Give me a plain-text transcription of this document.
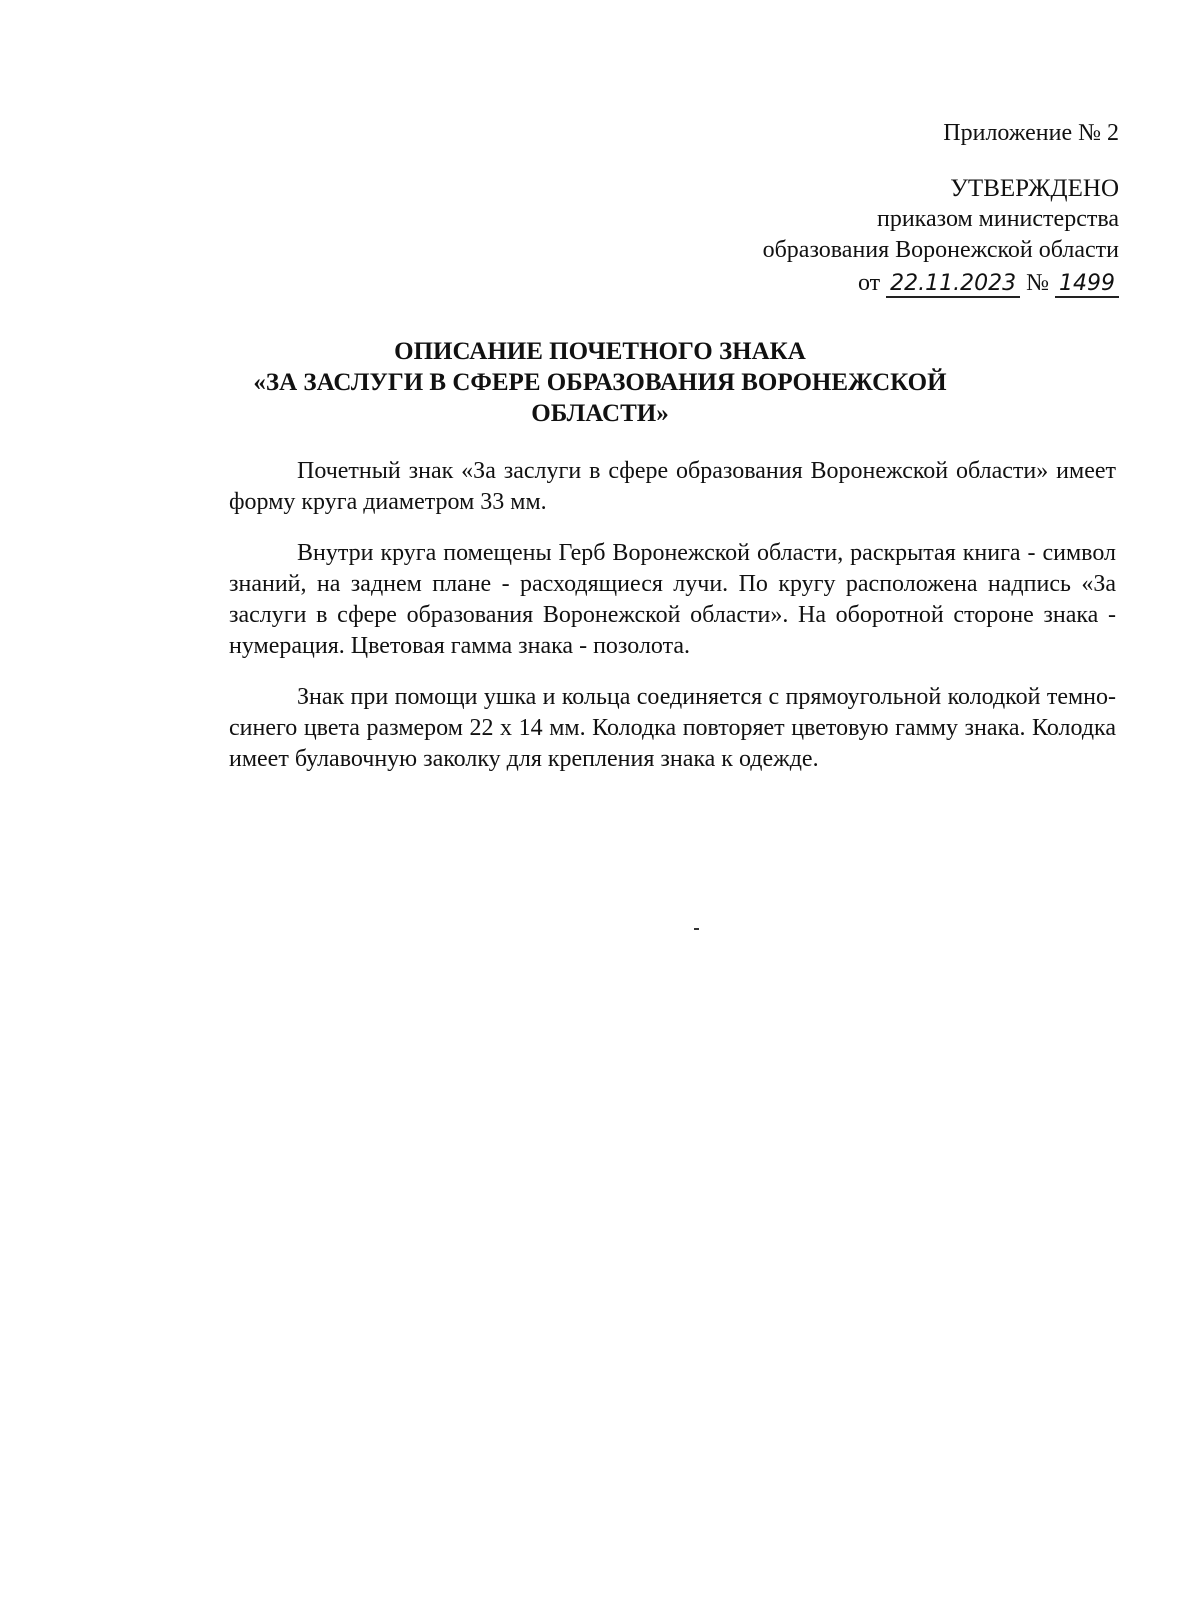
Приложение № 2
УТВЕРЖДЕНО
приказом министерства
образования Воронежской области
от 22.11.2023 № 1499
ОПИСАНИЕ ПОЧЕТНОГО ЗНАКА
«ЗА ЗАСЛУГИ В СФЕРЕ ОБРАЗОВАНИЯ ВОРОНЕЖСКОЙ
ОБЛАСТИ»

Почетный знак «За заслуги в сфере образования Воронежской области» имеет форму круга диаметром 33 мм.

Внутри круга помещены Герб Воронежской области, раскрытая книга - символ знаний, на заднем плане - расходящиеся лучи. По кругу расположена надпись «За заслуги в сфере образования Воронежской области». На оборотной стороне знака - нумерация. Цветовая гамма знака - позолота.

Знак при помощи ушка и кольца соединяется с прямоугольной колодкой темно-синего цвета размером 22 х 14 мм. Колодка повторяет цветовую гамму знака. Колодка имеет булавочную заколку для крепления знака к одежде.
